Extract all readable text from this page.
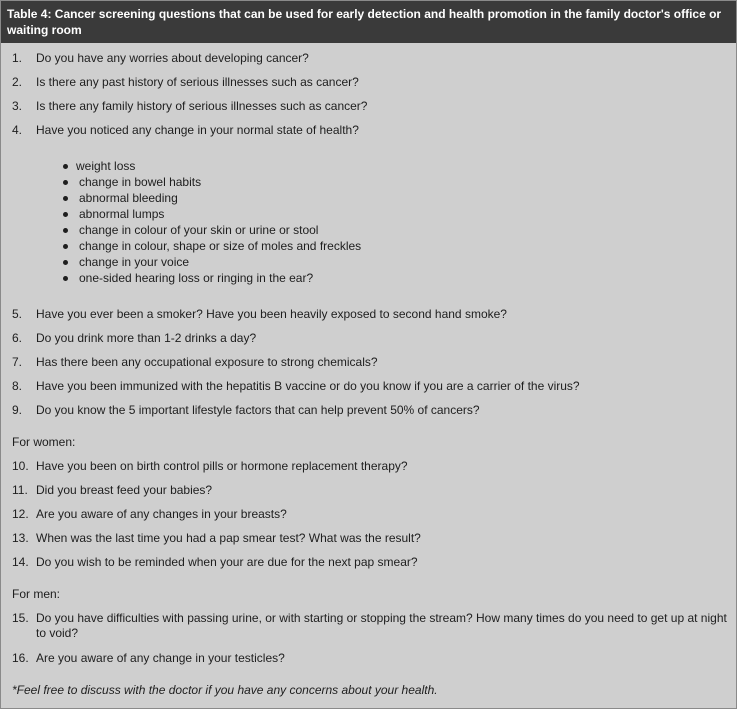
Table 4: Cancer screening questions that can be used for early detection and health promotion in the family doctor's office or waiting room
1. Do you have any worries about developing cancer?
2. Is there any past history of serious illnesses such as cancer?
3. Is there any family history of serious illnesses such as cancer?
4. Have you noticed any change in your normal state of health?
weight loss
change in bowel habits
abnormal bleeding
abnormal lumps
change in colour of your skin or urine or stool
change in colour, shape or size of moles and freckles
change in your voice
one-sided hearing loss or ringing in the ear?
5. Have you ever been a smoker? Have you been heavily exposed to second hand smoke?
6. Do you drink more than 1-2 drinks a day?
7. Has there been any occupational exposure to strong chemicals?
8. Have you been immunized with the hepatitis B vaccine or do you know if you are a carrier of the virus?
9. Do you know the 5 important lifestyle factors that can help prevent 50% of cancers?
For women:
10. Have you been on birth control pills or hormone replacement therapy?
11. Did you breast feed your babies?
12. Are you aware of any changes in your breasts?
13. When was the last time you had a pap smear test? What was the result?
14. Do you wish to be reminded when your are due for the next pap smear?
For men:
15. Do you have difficulties with passing urine, or with starting or stopping the stream? How many times do you need to get up at night to void?
16. Are you aware of any change in your testicles?
*Feel free to discuss with the doctor if you have any concerns about your health.
